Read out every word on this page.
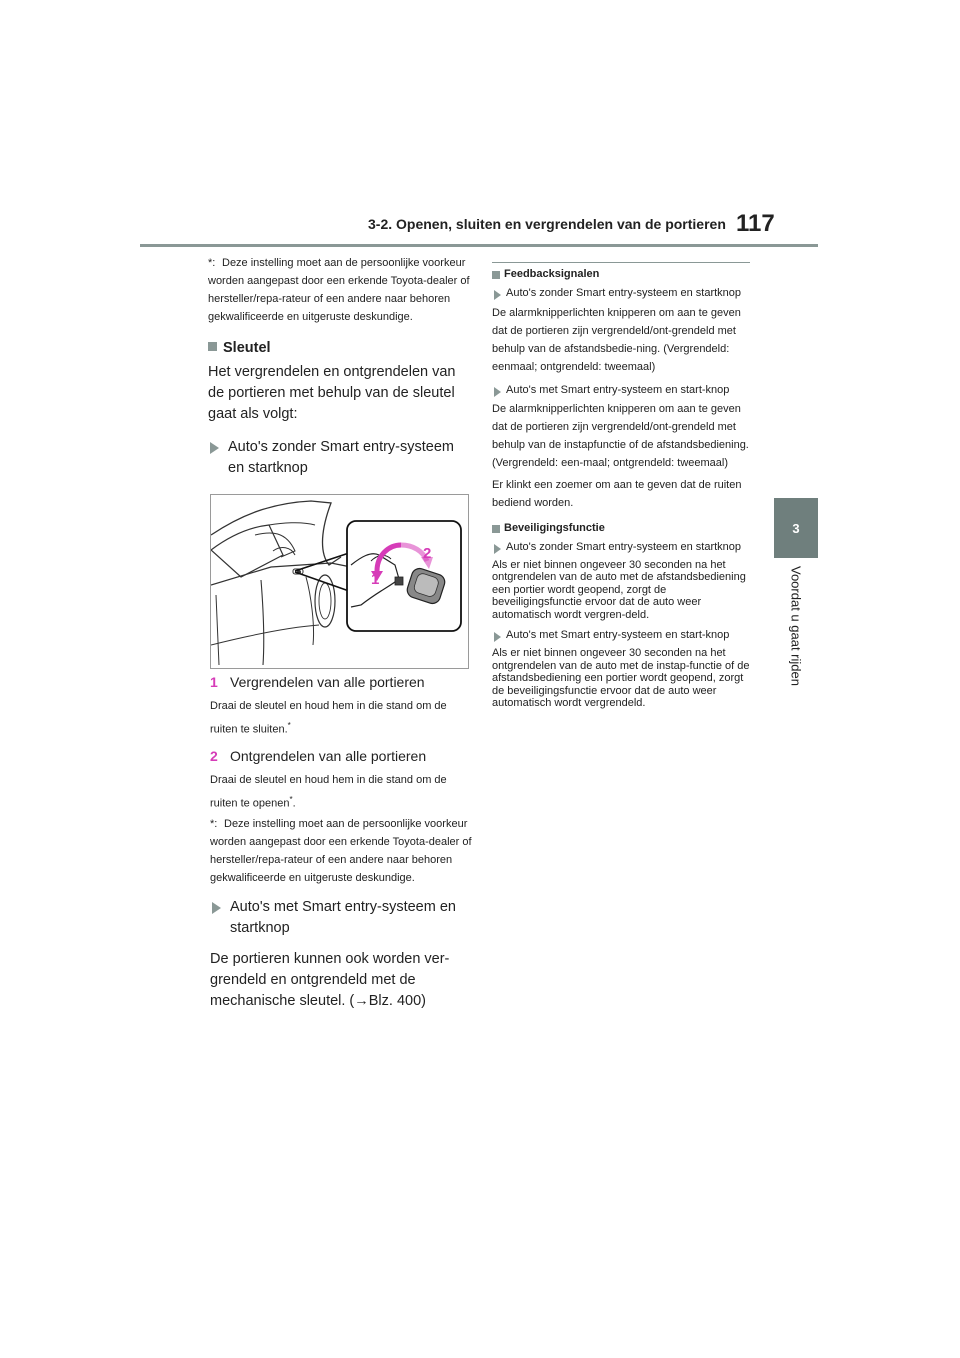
3-2. Openen, sluiten en vergrendelen van de portieren 117
3
Voordat u gaat rijden

*: Deze instelling moet aan de persoonlijke voorkeur worden aangepast door een erkende Toyota-dealer of hersteller/repa-rateur of een andere naar behoren gekwalificeerde en uitgeruste deskundige.

Sleutel

Het vergrendelen en ontgrendelen van de portieren met behulp van de sleutel gaat als volgt:

Auto's zonder Smart entry-systeem en startknop

1
2

1 Vergrendelen van alle portieren

Draai de sleutel en houd hem in die stand om de ruiten te sluiten.*

2 Ontgrendelen van alle portieren

Draai de sleutel en houd hem in die stand om de ruiten te openen*.

*: Deze instelling moet aan de persoonlijke voorkeur worden aangepast door een erkende Toyota-dealer of hersteller/repa-rateur of een andere naar behoren gekwalificeerde en uitgeruste deskundige.

Auto's met Smart entry-systeem en startknop

De portieren kunnen ook worden ver-grendeld en ontgrendeld met de mechanische sleutel. (→Blz. 400)

Feedbacksignalen

Auto's zonder Smart entry-systeem en startknop

De alarmknipperlichten knipperen om aan te geven dat de portieren zijn vergrendeld/ont-grendeld met behulp van de afstandsbedie-ning. (Vergrendeld: eenmaal; ontgrendeld: tweemaal)

Auto's met Smart entry-systeem en start-knop

De alarmknipperlichten knipperen om aan te geven dat de portieren zijn vergrendeld/ont-grendeld met behulp van de instapfunctie of de afstandsbediening. (Vergrendeld: een-maal; ontgrendeld: tweemaal)

Er klinkt een zoemer om aan te geven dat de ruiten bediend worden.

Beveiligingsfunctie

Auto's zonder Smart entry-systeem en startknop

Als er niet binnen ongeveer 30 seconden na het ontgrendelen van de auto met de afstandsbediening een portier wordt geopend, zorgt de beveiligingsfunctie ervoor dat de auto weer automatisch wordt vergren-deld.

Auto's met Smart entry-systeem en start-knop

Als er niet binnen ongeveer 30 seconden na het ontgrendelen van de auto met de instap-functie of de afstandsbediening een portier wordt geopend, zorgt de beveiligingsfunctie ervoor dat de auto weer automatisch wordt vergrendeld.
